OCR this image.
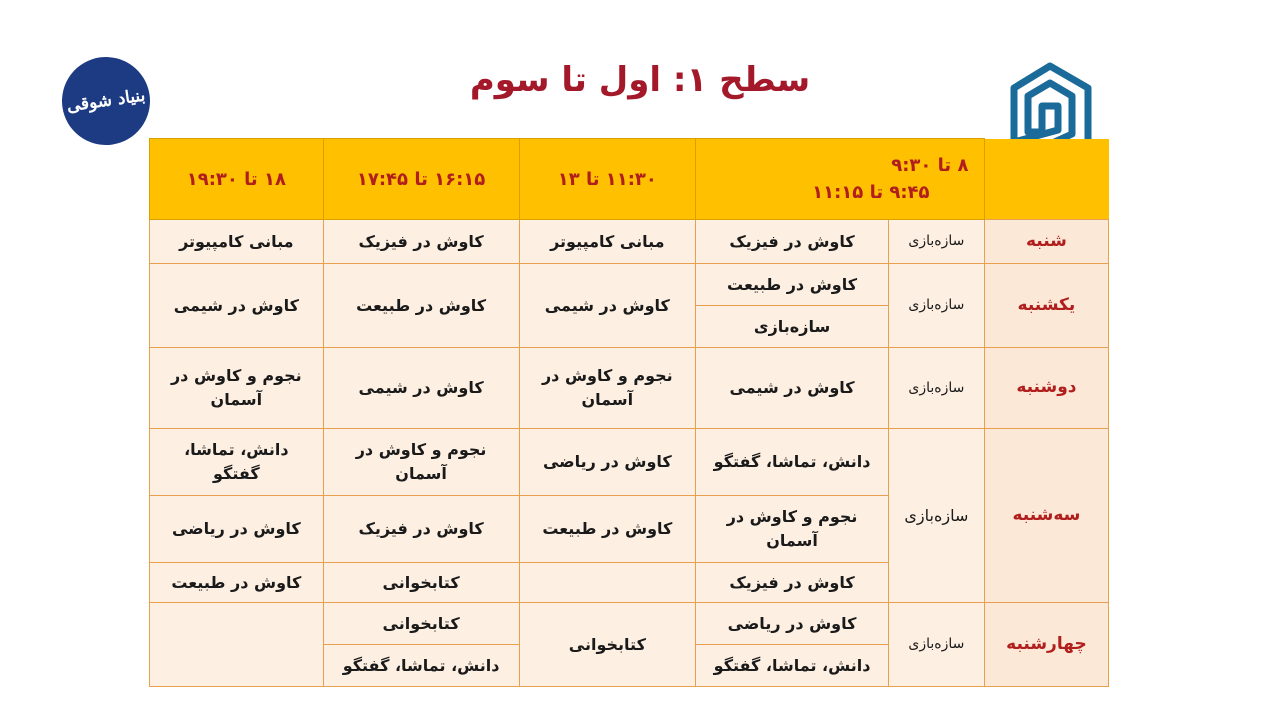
سطح ۱: اول تا سوم
بنیاد شوقی
	۸ تا ۹:۳۰ ۹:۴۵ تا ۱۱:۱۵		۱۱:۳۰ تا ۱۳	۱۶:۱۵ تا ۱۷:۴۵	۱۸ تا ۱۹:۳۰
شنبه	سازه‌بازی	کاوش در فیزیک	مبانی کامپیوتر	کاوش در فیزیک	مبانی کامپیوتر
یکشنبه	سازه‌بازی	کاوش در طبیعت	کاوش در شیمی	کاوش در طبیعت	کاوش در شیمی
		سازه‌بازی			
دوشنبه	سازه‌بازی	کاوش در شیمی	نجوم و کاوش در آسمان	کاوش در شیمی	نجوم و کاوش در آسمان
سه‌شنبه	سازه‌بازی	دانش، تماشا، گفتگو	کاوش در ریاضی	نجوم و کاوش در آسمان	دانش، تماشا، گفتگو
		نجوم و کاوش در آسمان	کاوش در طبیعت	کاوش در فیزیک	کاوش در ریاضی
		کاوش در فیزیک		کتابخوانی	کاوش در طبیعت
چهارشنبه	سازه‌بازی	کاوش در ریاضی	کتابخوانی	کتابخوانی	
		دانش، تماشا، گفتگو		دانش، تماشا، گفتگو	
